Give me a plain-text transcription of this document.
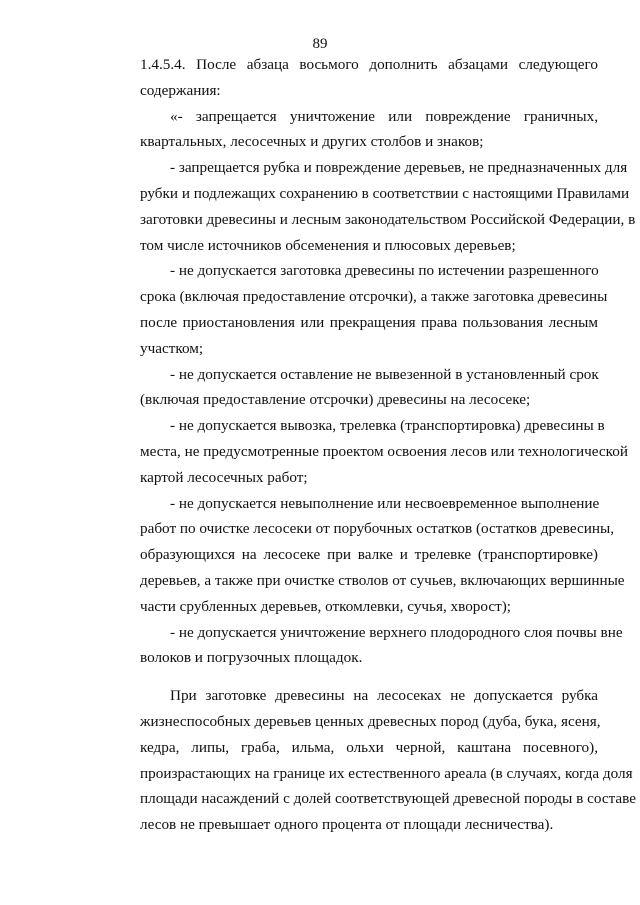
89
1.4.5.4. После абзаца восьмого дополнить абзацами следующего
содержания:
«- запрещается уничтожение или повреждение граничных,
квартальных, лесосечных и других столбов и знаков;
- запрещается рубка и повреждение деревьев, не предназначенных для
рубки и подлежащих сохранению в соответствии с настоящими Правилами
заготовки древесины и лесным законодательством Российской Федерации, в
том числе источников обсеменения и плюсовых деревьев;
- не допускается заготовка древесины по истечении разрешенного
срока (включая предоставление отсрочки), а также заготовка древесины
после приостановления или прекращения права пользования лесным
участком;
- не допускается оставление не вывезенной в установленный срок
(включая предоставление отсрочки) древесины на лесосеке;
- не допускается вывозка, трелевка (транспортировка) древесины в
места, не предусмотренные проектом освоения лесов или технологической
картой лесосечных работ;
- не допускается невыполнение или несвоевременное выполнение
работ по очистке лесосеки от порубочных остатков (остатков древесины,
образующихся на лесосеке при валке и трелевке (транспортировке)
деревьев, а также при очистке стволов от сучьев, включающих вершинные
части срубленных деревьев, откомлевки, сучья, хворост);
- не допускается уничтожение верхнего плодородного слоя почвы вне
волоков и погрузочных площадок.
При заготовке древесины на лесосеках не допускается рубка
жизнеспособных деревьев ценных древесных пород (дуба, бука, ясеня,
кедра, липы, граба, ильма, ольхи черной, каштана посевного),
произрастающих на границе их естественного ареала (в случаях, когда доля
площади насаждений с долей соответствующей древесной породы в составе
лесов не превышает одного процента от площади лесничества).
